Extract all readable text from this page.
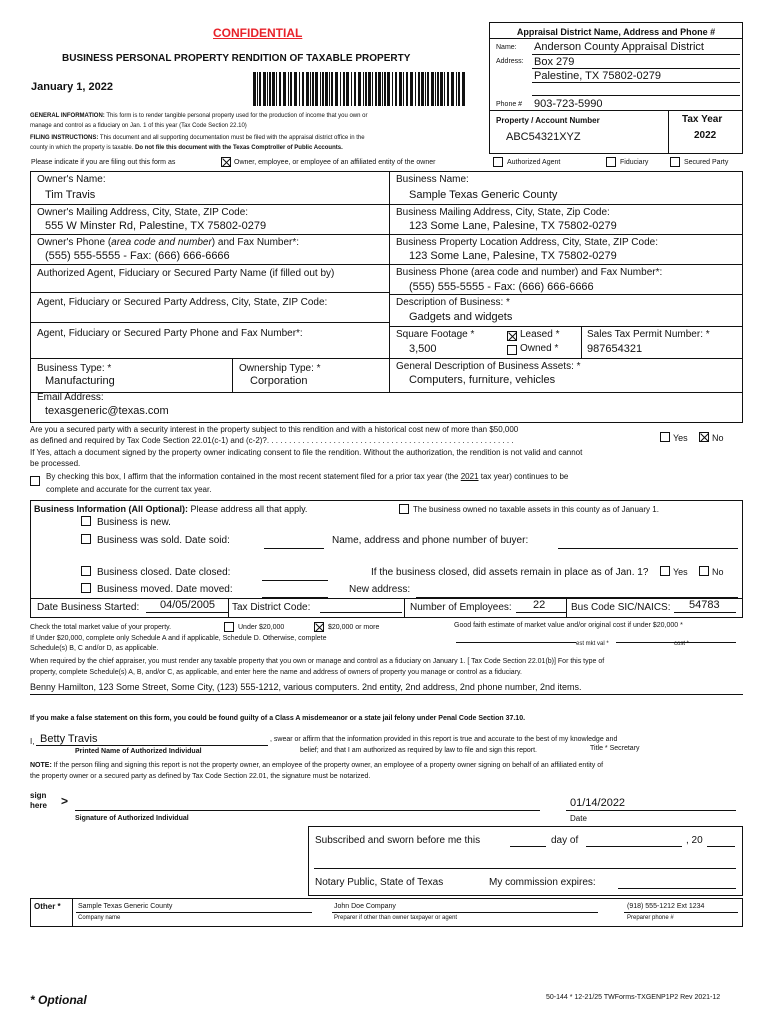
CONFIDENTIAL
BUSINESS PERSONAL PROPERTY RENDITION OF TAXABLE PROPERTY
January 1, 2022
GENERAL INFORMATION: This form is to render tangible personal property used for the production of income that you own or
manage and control as a fiduciary on Jan. 1 of this year (Tax Code Section 22.10)
FILING INSTRUCTIONS: This document and all supporting documentation must be filed with the appraisal district office in the
county in which the property is taxable. Do not file this document with the Texas Comptroller of Public Accounts.
Appraisal District Name, Address and Phone #
Name: Anderson County Appraisal District
Address: Box 279
Palestine, TX 75802-0279
Phone # 903-723-5990
Property / Account Number
ABC54321XYZ
Tax Year
2022
Please indicate if you are filing out this form as	Owner, employee, or employee of an affiliated entity of the owner	Authorized Agent	Fiduciary	Secured Party
Owner's Name:
Tim Travis
Owner's Mailing Address, City, State, ZIP Code:
555 W Minster Rd, Palestine, TX 75802-0279
Owner's Phone (area code and number) and Fax Number*:
(555) 555-5555 - Fax: (666) 666-6666
Authorized Agent, Fiduciary or Secured Party Name (if filled out by)
Agent, Fiduciary or Secured Party Address, City, State, ZIP Code:
Agent, Fiduciary or Secured Party Phone and Fax Number*:
Business Type: *
Manufacturing
Ownership Type: *
Corporation
Email Address:
texasgeneric@texas.com
Business Name:
Sample Texas Generic County
Business Mailing Address, City, State, Zip Code:
123 Some Lane, Palesine, TX 75802-0279
Business Property Location Address, City, State, ZIP Code:
123 Some Lane, Palesine, TX 75802-0279
Business Phone (area code and number) and Fax Number*:
(555) 555-5555 - Fax: (666) 666-6666
Description of Business: *
Gadgets and widgets
Square Footage *
3,500
Leased *
Owned *
Sales Tax Permit Number: *
987654321
General Description of Business Assets: *
Computers, furniture, vehicles
Are you a secured party with a security interest in the property subject to this rendition and with a historical cost new of more than $50,000
as defined and required by Tax Code Section 22.01(c-1) and (c-2)?. . . . . . . . . . . . . . . . . . . . . . . . . . . . . . . . . . . . . . . . . . . . . . . . . . . . . . . .	Yes	No
If Yes, attach a document signed by the property owner indicating consent to file the rendition. Without the authorization, the rendition is not valid and cannot
be processed.
By checking this box, I affirm that the information contained in the most recent statement filed for a prior tax year (the 2021 tax year) continues to be
complete and accurate for the current tax year.
Business Information (All Optional): Please address all that apply.	The business owned no taxable assets in this county as of January 1.
Business is new.
Business was sold. Date soid:	Name, address and phone number of buyer:
Business closed. Date closed:	If the business closed, did assets remain in place as of Jan. 1?	Yes	No
Business moved. Date moved:	New address:
Date Business Started: 04/05/2005 Tax District Code:	Number of Employees: 22	Bus Code SIC/NAICS: 54783
Check the total market value of your property.	Under $20,000	$20,000 or more	Good faith estimate of market value and/or original cost if under $20,000 *
If Under $20,000, complete only Schedule A and if applicable, Schedule D. Otherwise, complete
Schedule(s) B, C and/or D, as applicable.
est mkt val *	cost *
When required by the chief appraiser, you must render any taxable property that you own or manage and control as a fiduciary on January 1. [ Tax Code Section 22.01(b)] For this type of
property, complete Schedule(s) A, B, and/or C, as applicable, and enter here the name and address of owners of property you manage or control as a fiduciary.
Benny Hamilton, 123 Some Street, Some City, (123) 555-1212, various computers. 2nd entity, 2nd address, 2nd phone number, 2nd items.
If you make a false statement on this form, you could be found guilty of a Class A misdemeanor or a state jail felony under Penal Code Section 37.10.
I, Betty Travis	, swear or affirm that the information provided in this report is true and accurate to the best of my knowledge and
belief; and that I am authorized as required by law to file and sign this report.
Printed Name of Authorized Individual	Title * Secretary
NOTE: If the person filing and signing this report is not the property owner, an employee of the property owner, an employee of a property owner signing on behalf of an affiliated entity of
the property owner or a secured party as defined by Tax Code Section 22.01, the signature must be notarized.
sign
here >	01/14/2022
Signature of Authorized Individual	Date
Subscribed and sworn before me this	day of	, 20
Notary Public, State of Texas	My commission expires:
Other * Sample Texas Generic County
Company name
John Doe Company
Preparer if other than owner taxpayer or agent
(918) 555-1212 Ext 1234
Preparer phone #
* Optional	50-144 * 12-21/25 TWForms-TXGENP1P2 Rev 2021-12
